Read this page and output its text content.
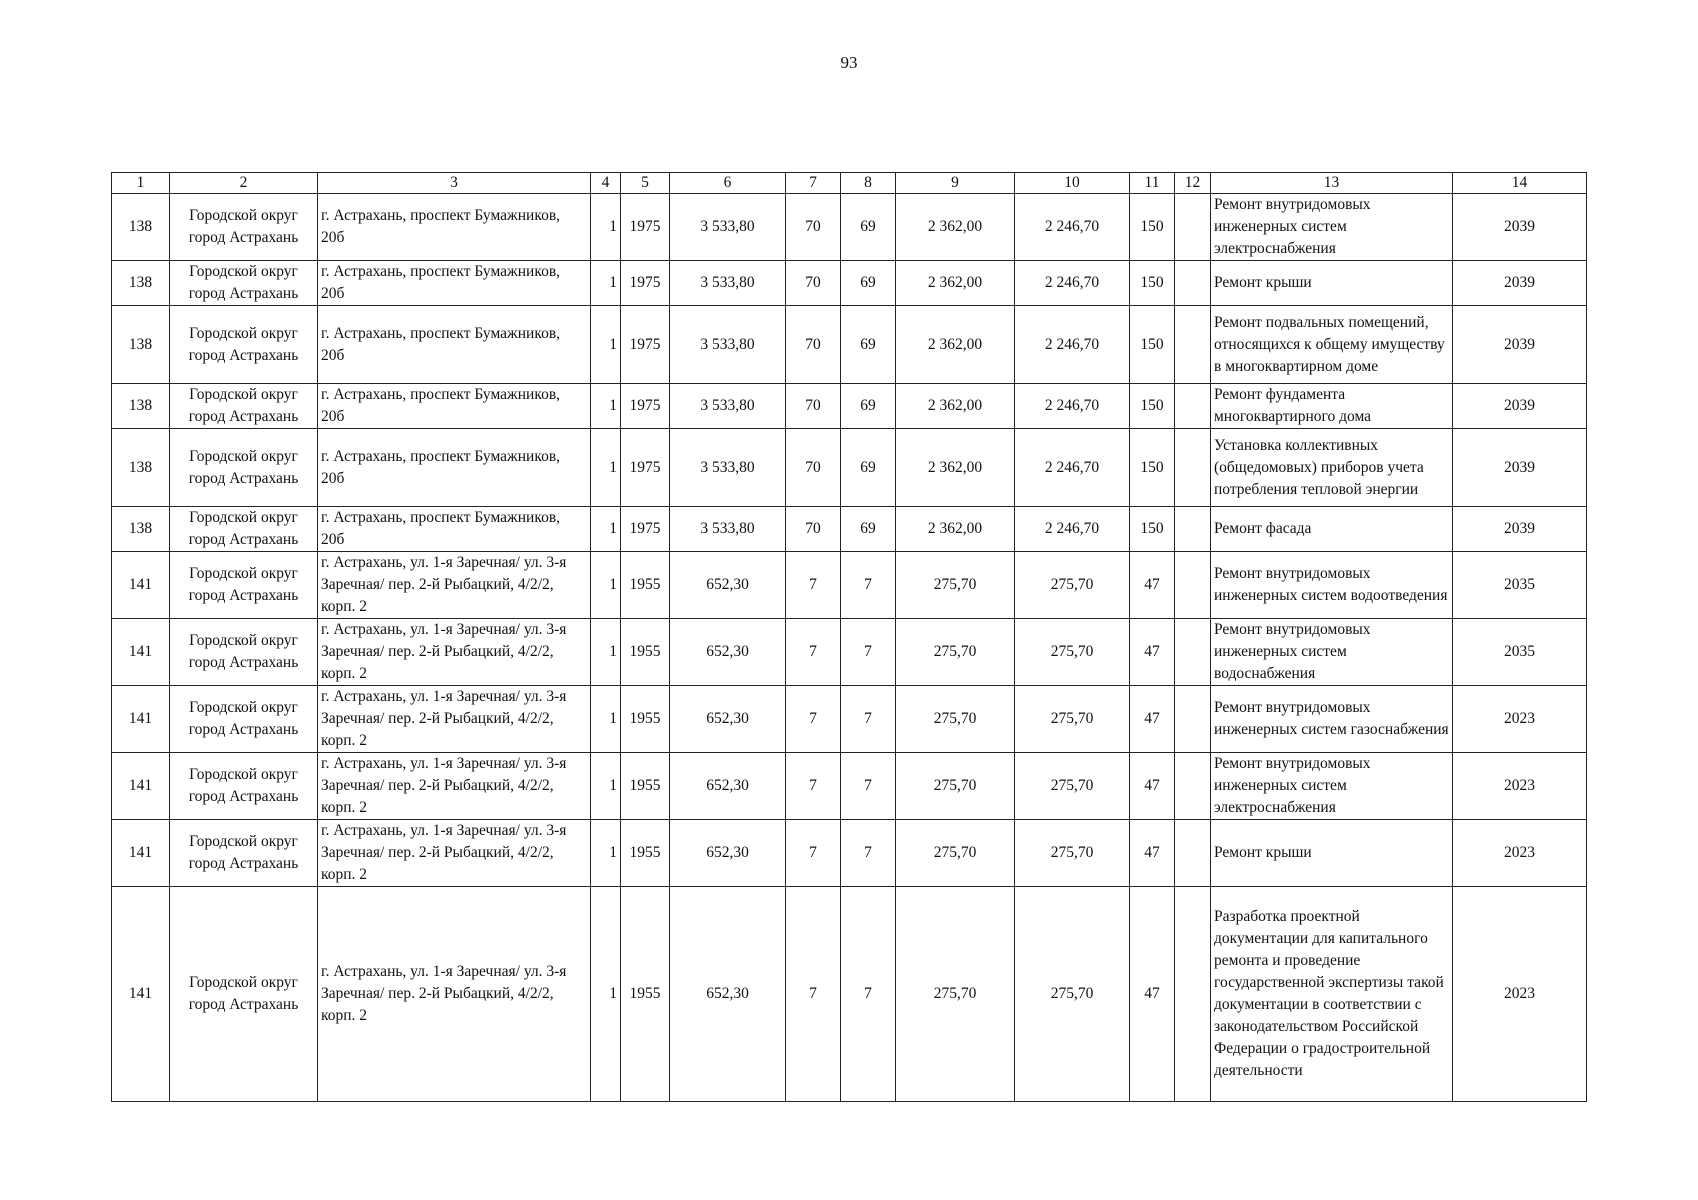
93
1	2	3	4	5	6	7	8	9	10	11	12	13	14
138	Городской округ город Астрахань	г. Астрахань, проспект Бумажников, 20б	1	1975	3 533,80	70	69	2 362,00	2 246,70	150		Ремонт внутридомовых инженерных систем электроснабжения	2039
138	Городской округ город Астрахань	г. Астрахань, проспект Бумажников, 20б	1	1975	3 533,80	70	69	2 362,00	2 246,70	150		Ремонт крыши	2039
138	Городской округ город Астрахань	г. Астрахань, проспект Бумажников, 20б	1	1975	3 533,80	70	69	2 362,00	2 246,70	150		Ремонт подвальных помещений, относящихся к общему имуществу в многоквартирном доме	2039
138	Городской округ город Астрахань	г. Астрахань, проспект Бумажников, 20б	1	1975	3 533,80	70	69	2 362,00	2 246,70	150		Ремонт фундамента многоквартирного дома	2039
138	Городской округ город Астрахань	г. Астрахань, проспект Бумажников, 20б	1	1975	3 533,80	70	69	2 362,00	2 246,70	150		Установка коллективных (общедомовых) приборов учета потребления тепловой энергии	2039
138	Городской округ город Астрахань	г. Астрахань, проспект Бумажников, 20б	1	1975	3 533,80	70	69	2 362,00	2 246,70	150		Ремонт фасада	2039
141	Городской округ город Астрахань	г. Астрахань, ул. 1-я Заречная/ ул. 3-я Заречная/ пер. 2-й Рыбацкий, 4/2/2, корп. 2	1	1955	652,30	7	7	275,70	275,70	47		Ремонт внутридомовых инженерных систем водоотведения	2035
141	Городской округ город Астрахань	г. Астрахань, ул. 1-я Заречная/ ул. 3-я Заречная/ пер. 2-й Рыбацкий, 4/2/2, корп. 2	1	1955	652,30	7	7	275,70	275,70	47		Ремонт внутридомовых инженерных систем водоснабжения	2035
141	Городской округ город Астрахань	г. Астрахань, ул. 1-я Заречная/ ул. 3-я Заречная/ пер. 2-й Рыбацкий, 4/2/2, корп. 2	1	1955	652,30	7	7	275,70	275,70	47		Ремонт внутридомовых инженерных систем газоснабжения	2023
141	Городской округ город Астрахань	г. Астрахань, ул. 1-я Заречная/ ул. 3-я Заречная/ пер. 2-й Рыбацкий, 4/2/2, корп. 2	1	1955	652,30	7	7	275,70	275,70	47		Ремонт внутридомовых инженерных систем электроснабжения	2023
141	Городской округ город Астрахань	г. Астрахань, ул. 1-я Заречная/ ул. 3-я Заречная/ пер. 2-й Рыбацкий, 4/2/2, корп. 2	1	1955	652,30	7	7	275,70	275,70	47		Ремонт крыши	2023
141	Городской округ город Астрахань	г. Астрахань, ул. 1-я Заречная/ ул. 3-я Заречная/ пер. 2-й Рыбацкий, 4/2/2, корп. 2	1	1955	652,30	7	7	275,70	275,70	47		Разработка проектной документации для капитального ремонта и проведение государственной экспертизы такой документации в соответствии с законодательством Российской Федерации о градостроительной деятельности	2023
